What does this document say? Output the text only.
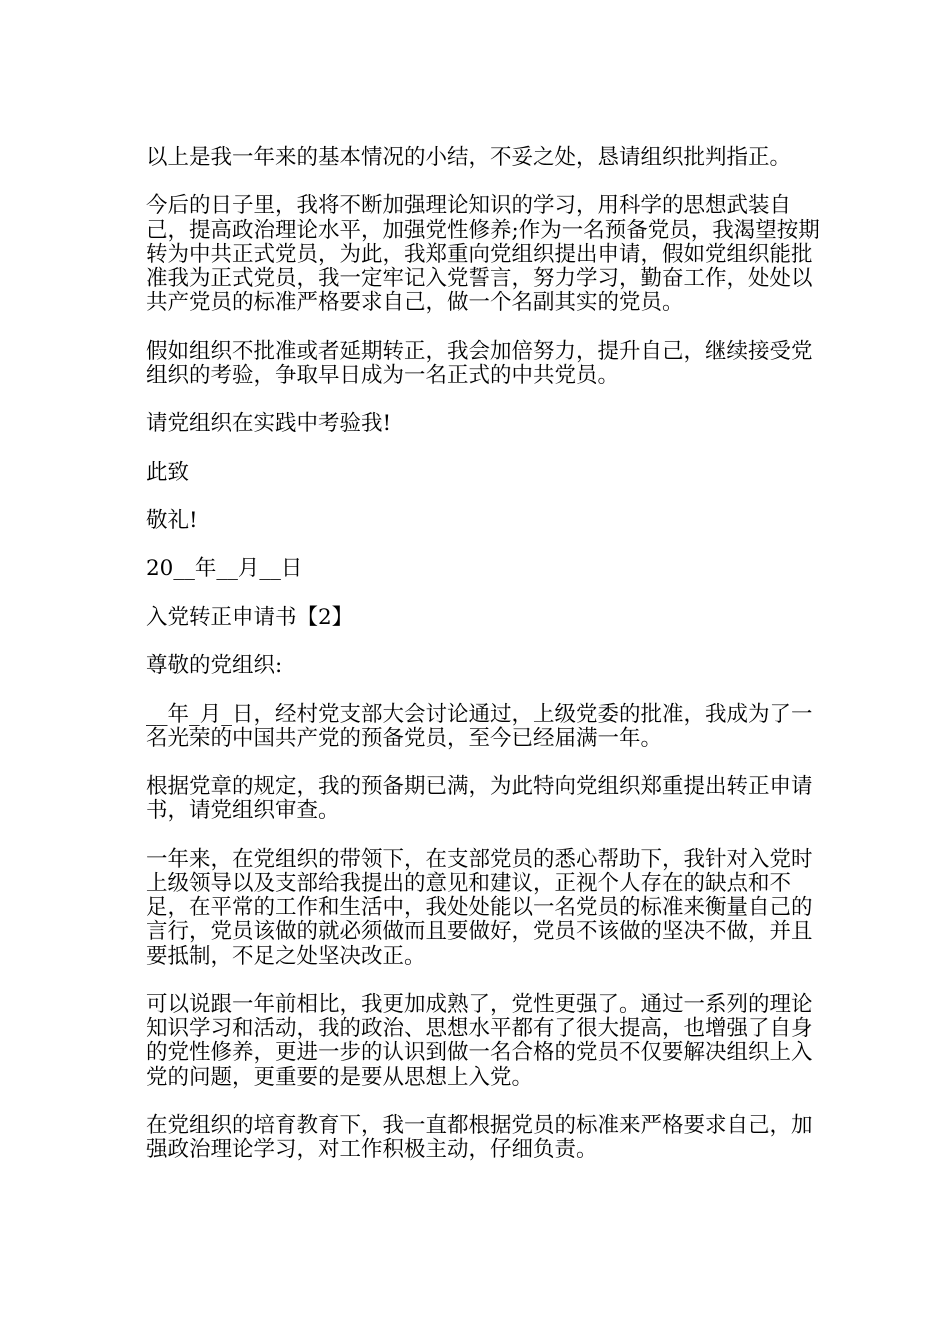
以上是我一年来的基本情况的小结，不妥之处，恳请组织批判指正。

今后的日子里，我将不断加强理论知识的学习，用科学的思想武装自己，提高政治理论水平，加强党性修养;作为一名预备党员，我渴望按期转为中共正式党员，为此，我郑重向党组织提出申请，假如党组织能批准我为正式党员，我一定牢记入党誓言，努力学习，勤奋工作，处处以共产党员的标准严格要求自己，做一个名副其实的党员。

假如组织不批准或者延期转正，我会加倍努力，提升自己，继续接受党组织的考验，争取早日成为一名正式的中共党员。

请党组织在实践中考验我!

此致

敬礼!

20__年__月__日

入党转正申请书【2】

尊敬的党组织:

__年_月_日，经村党支部大会讨论通过，上级党委的批准，我成为了一名光荣的中国共产党的预备党员，至今已经届满一年。

根据党章的规定，我的预备期已满，为此特向党组织郑重提出转正申请书，请党组织审查。

一年来，在党组织的带领下，在支部党员的悉心帮助下，我针对入党时上级领导以及支部给我提出的意见和建议，正视个人存在的缺点和不足，在平常的工作和生活中，我处处能以一名党员的标准来衡量自己的言行，党员该做的就必须做而且要做好，党员不该做的坚决不做，并且要抵制，不足之处坚决改正。

可以说跟一年前相比，我更加成熟了，党性更强了。通过一系列的理论知识学习和活动，我的政治、思想水平都有了很大提高，也增强了自身的党性修养，更进一步的认识到做一名合格的党员不仅要解决组织上入党的问题，更重要的是要从思想上入党。

在党组织的培育教育下，我一直都根据党员的标准来严格要求自己，加强政治理论学习，对工作积极主动，仔细负责。
